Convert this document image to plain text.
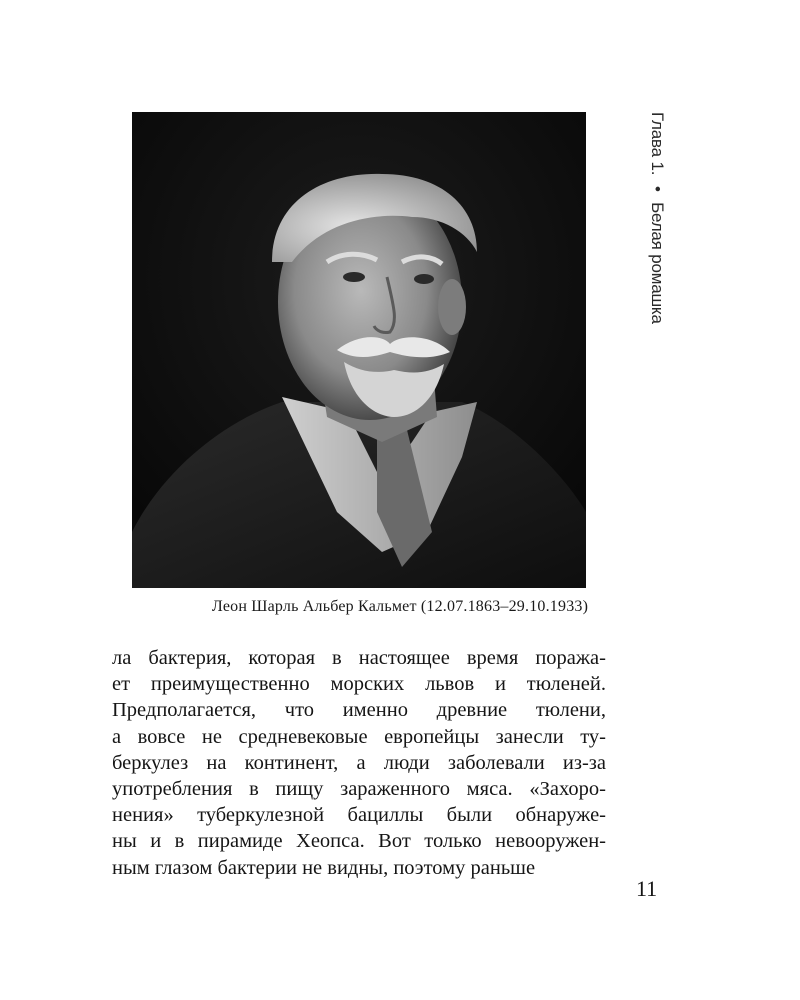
Леон Шарль Альбер Кальмет (12.07.1863–29.10.1933)
ла бактерия, которая в настоящее время поража-
ет преимущественно морских львов и тюленей.
Предполагается, что именно древние тюлени,
а вовсе не средневековые европейцы занесли ту-
беркулез на континент, а люди заболевали из-за
употребления в пищу зараженного мяса. «Захоро-
нения» туберкулезной бациллы были обнаруже-
ны и в пирамиде Хеопса. Вот только невооружен-
ным глазом бактерии не видны, поэтому раньше
Глава 1. • Белая ромашка
11
